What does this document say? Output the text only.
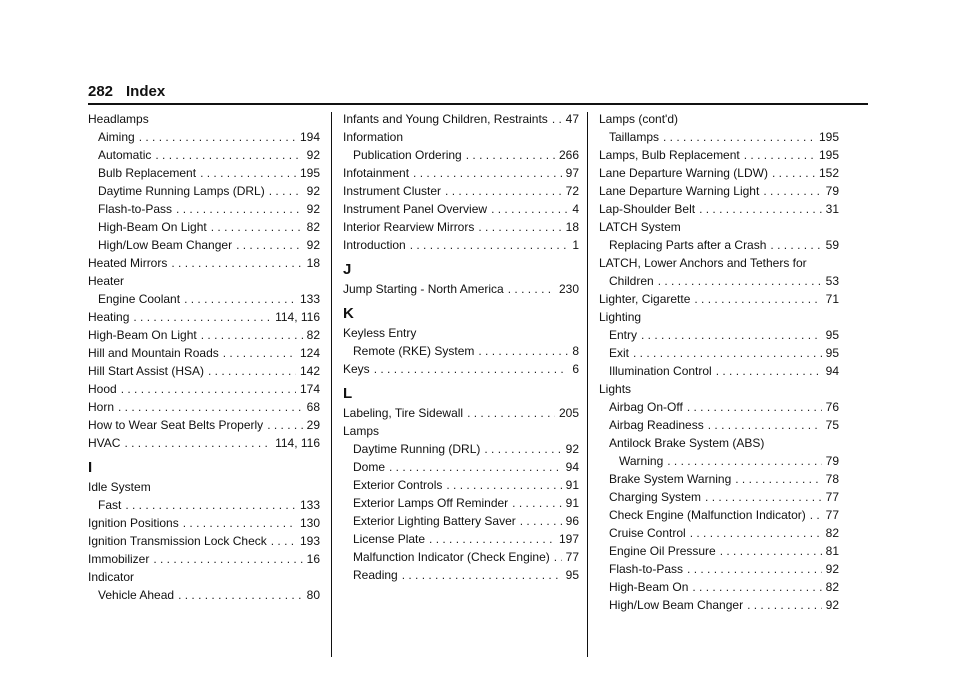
282 Index
Headlamps
Aiming . . .	194
Automatic . . .	92
Bulb Replacement . . .	195
Daytime Running Lamps (DRL) . . .	92
Flash-to-Pass . . .	92
High-Beam On Light . . .	82
High/Low Beam Changer . . .	92
Heated Mirrors . . .	18
Heater
Engine Coolant . . .	133
Heating . . .	114, 116
High-Beam On Light . . .	82
Hill and Mountain Roads . . .	124
Hill Start Assist (HSA) . . .	142
Hood . . .	174
Horn . . .	68
How to Wear Seat Belts Properly . . .	29
HVAC . . .	114, 116
I
Idle System
Fast . . .	133
Ignition Positions . . .	130
Ignition Transmission Lock Check . . .	193
Immobilizer . . .	16
Indicator
Vehicle Ahead . . .	80
Infants and Young Children, Restraints . . . 47
Information
Publication Ordering . . .	266
Infotainment . . .	97
Instrument Cluster . . .	72
Instrument Panel Overview . . .	4
Interior Rearview Mirrors . . .	18
Introduction . . .	1
J
Jump Starting - North America . . .	230
K
Keyless Entry
Remote (RKE) System . . .	8
Keys . . .	6
L
Labeling, Tire Sidewall . . .	205
Lamps
Daytime Running (DRL) . . .	92
Dome . . .	94
Exterior Controls . . .	91
Exterior Lamps Off Reminder . . .	91
Exterior Lighting Battery Saver . . .	96
License Plate . . .	197
Malfunction Indicator (Check Engine) . . . 77
Reading . . .	95
Lamps (cont'd)
Taillamps . . .	195
Lamps, Bulb Replacement . . .	195
Lane Departure Warning (LDW) . . .	152
Lane Departure Warning Light . . .	79
Lap-Shoulder Belt . . .	31
LATCH System
Replacing Parts after a Crash . . .	59
LATCH, Lower Anchors and Tethers for
Children . . .	53
Lighter, Cigarette . . .	71
Lighting
Entry . . .	95
Exit . . .	95
Illumination Control . . .	94
Lights
Airbag On-Off . . .	76
Airbag Readiness . . .	75
Antilock Brake System (ABS)
Warning . . .	79
Brake System Warning . . .	78
Charging System . . .	77
Check Engine (Malfunction Indicator) . . . 77
Cruise Control . . .	82
Engine Oil Pressure . . .	81
Flash-to-Pass . . .	92
High-Beam On . . .	82
High/Low Beam Changer . . .	92
